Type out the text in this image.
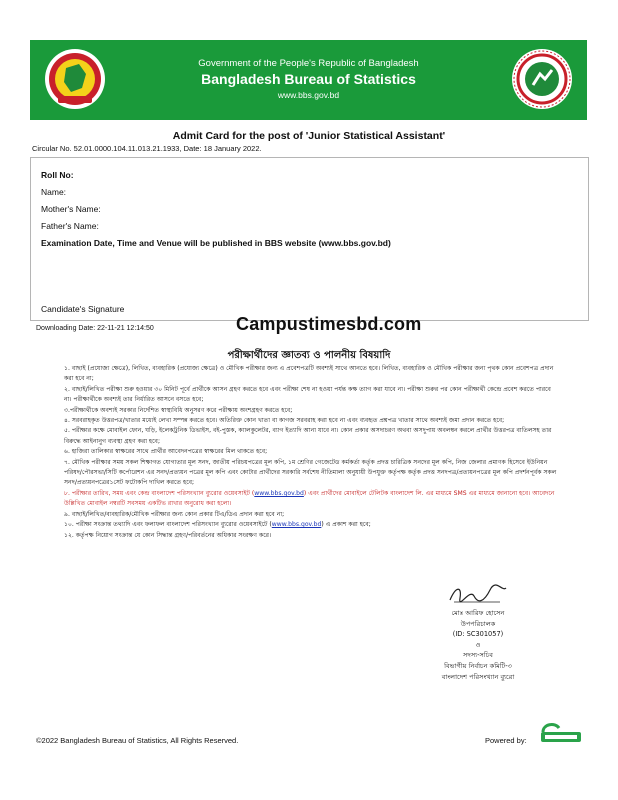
Government of the People's Republic of Bangladesh
Bangladesh Bureau of Statistics
www.bbs.gov.bd
Admit Card for the post of 'Junior Statistical Assistant'
Circular No. 52.01.0000.104.11.013.21.1933, Date: 18 January 2022.
Roll No:
Name:
Mother's Name:
Father's Name:
Examination Date, Time and Venue will be published in BBS website (www.bbs.gov.bd)
Candidate's Signature
Downloading Date: 22-11-21 12:14:50	Campustimesbd.com
পরীক্ষার্থীদের জ্ঞাতব্য ও পালনীয় বিষয়াদি

১. বাছাই (প্রযোজ্য ক্ষেত্রে), লিখিত, ব্যবহারিক (প্রযোজ্য ক্ষেত্রে) ও মৌখিক পরীক্ষার জন্য এ প্রবেশপত্রটি অবশ্যই সাথে আনতে হবে। লিখিত, ব্যবহারিক ও মৌখিক পরীক্ষার জন্য পৃথক কোন প্রবেশপত্র প্রদান করা হবে না;

২. বাছাই/লিখিত পরীক্ষা শুরু হওয়ার ৩০ মিনিট পূর্বে প্রার্থীকে আসন গ্রহণ করতে হবে এবং পরীক্ষা শেষ না হওয়া পর্যন্ত কক্ষ ত্যাগ করা যাবে না। পরীক্ষা শুরুর পর কোন পরীক্ষার্থী কেন্দ্রে প্রবেশ করতে পারবে না। পরীক্ষার্থীকে অবশ্যই তার নির্ধারিত আসনে বসতে হবে;

৩.পরীক্ষার্থীকে অবশ্যই সরকার নির্দেশিত স্বাস্থ্যবিধি অনুসরণ করে পরীক্ষায় অংশগ্রহণ করতে হবে;

৪. সরবরাহকৃত উত্তরপত্র/খাতার মধ্যেই লেখা সম্পন্ন করতে হবে। অতিরিক্ত কোন খাতা বা কাগজ সরবরাহ করা হবে না এবং ব্যবহৃত প্রশ্নপত্র খাতার সাথে অবশ্যই জমা প্রদান করতে হবে;

৫. পরীক্ষার কক্ষে মোবাইল ফোন, ঘড়ি, ইলেকট্রনিক ডিভাইস, বই-পুস্তক, ক্যালকুলেটর, ব্যাগ ইত্যাদি আনা যাবে না। কোন প্রকার অসদাচরণ অথবা অসদুপায় অবলম্বন করলে প্রার্থীর উত্তরপত্র বাতিলসহ তার বিরুদ্ধে আইনানুগ ব্যবস্থা গ্রহণ করা হবে;

৬. হাজিরা তালিকার স্বাক্ষরের সাথে প্রার্থীর আবেদনপত্রের স্বাক্ষরের মিল থাকতে হবে;

৭. মৌখিক পরীক্ষার সময় সকল শিক্ষাগত যোগ্যতার মূল সনদ, জাতীয় পরিচয়পত্রের মূল কপি, ১ম শ্রেণির গেজেটেড কর্মকর্তা কর্তৃক প্রদত্ত চারিত্রিক সনদের মূল কপি, নিজ জেলার প্রমাণক হিসেবে ইউনিয়ন পরিষদ/পৌরসভা/সিটি কর্পোরেশন এর সনদ/প্রত্যয়ন পত্রের মূল কপি এবং কোটার প্রার্থীদের সরকারি সর্বশেষ নীতিমালা অনুযায়ী উপযুক্ত কর্তৃপক্ষ কর্তৃক প্রদত্ত সনদপত্র/প্রত্যয়নপত্রের মূল কপি প্রদর্শনপূর্বক সকল সনদ/প্রত্যয়নপত্রের১সেট ফটোকপি দাখিল করতে হবে;

৮. পরীক্ষার তারিখ, সময় এবং কেন্দ্র বাংলাদেশ পরিসংখ্যান ব্যুরোর ওয়েবসাইট (www.bbs.gov.bd) এবং প্রার্থীদের মোবাইলে টেলিটক বাংলাদেশ লি. এর মাধ্যমে SMS এর মাধ্যমে জানানো হবে। আবেদনে উল্লিখিত মোবাইল নম্বরটি সবসময় একটিভ রাখার অনুরোধ করা হলো।

৯. বাছাই/লিখিত/ব্যবহারিক/মৌখিক পরীক্ষার জন্য কোন প্রকার টিএ/ডিএ প্রদান করা হবে না;

১০. পরীক্ষা সংক্রান্ত তথ্যাদি এবং ফলাফল বাংলাদেশ পরিসংখ্যান ব্যুরোর ওয়েবসাইটে (www.bbs.gov.bd) এ প্রকাশ করা হবে;

১২. কর্তৃপক্ষ নিয়োগ সংক্রান্ত যে কোন সিদ্ধান্ত গ্রহণ/পরিবর্তনের অধিকার সংরক্ষণ করে।

মোঃ আরিফ হোসেন
উপপরিচালক
(ID: SC301057)
ও
সদস্য-সচিব
বিভাগীয় নির্বাচন কমিটি-৩
বাংলাদেশ পরিসংখ্যান ব্যুরো
©2022 Bangladesh Bureau of Statistics, All Rights Reserved.	Powered by:
